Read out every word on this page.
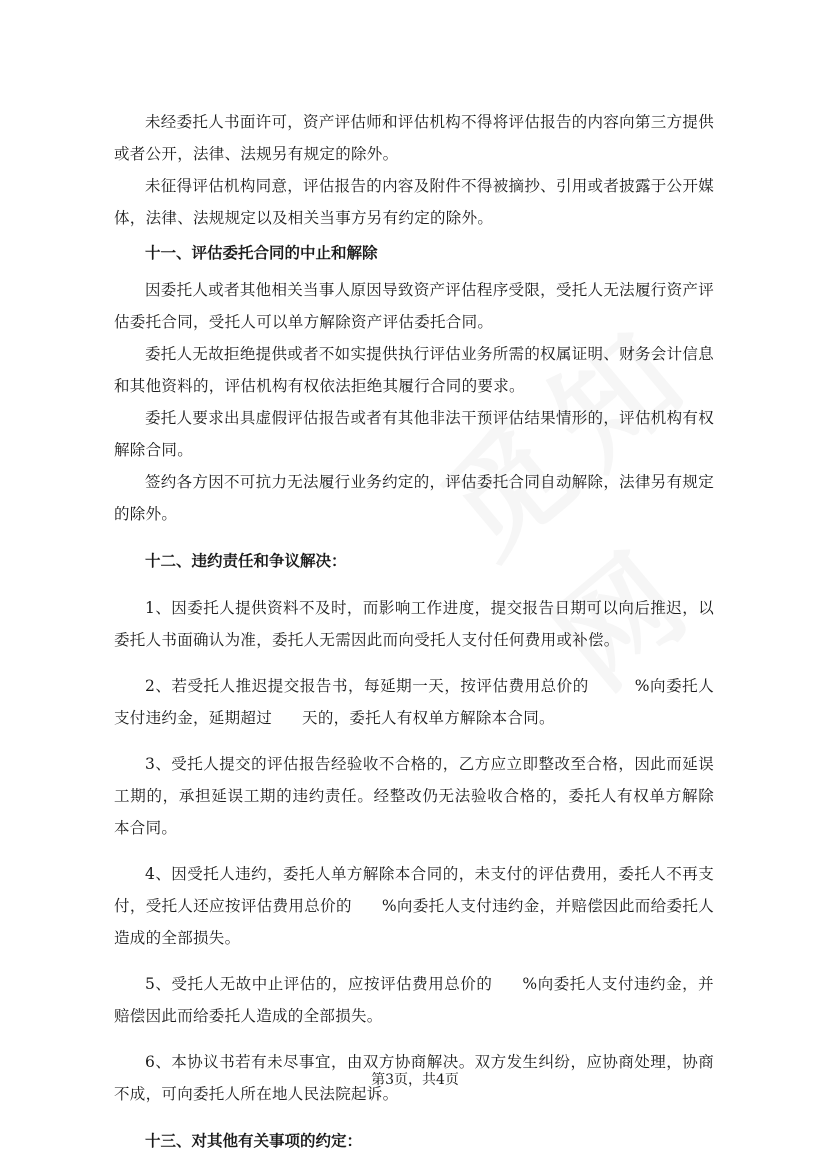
未经委托人书面许可，资产评估师和评估机构不得将评估报告的内容向第三方提供或者公开，法律、法规另有规定的除外。

未征得评估机构同意，评估报告的内容及附件不得被摘抄、引用或者披露于公开媒体，法律、法规规定以及相关当事方另有约定的除外。

十一、评估委托合同的中止和解除

因委托人或者其他相关当事人原因导致资产评估程序受限，受托人无法履行资产评估委托合同，受托人可以单方解除资产评估委托合同。

委托人无故拒绝提供或者不如实提供执行评估业务所需的权属证明、财务会计信息和其他资料的，评估机构有权依法拒绝其履行合同的要求。

委托人要求出具虚假评估报告或者有其他非法干预评估结果情形的，评估机构有权解除合同。

签约各方因不可抗力无法履行业务约定的，评估委托合同自动解除，法律另有规定的除外。

十二、违约责任和争议解决：

1、因委托人提供资料不及时，而影响工作进度，提交报告日期可以向后推迟，以委托人书面确认为准，委托人无需因此而向受托人支付任何费用或补偿。

2、若受托人推迟提交报告书，每延期一天，按评估费用总价的	%向委托人支付违约金，延期超过 天的，委托人有权单方解除本合同。

3、受托人提交的评估报告经验收不合格的，乙方应立即整改至合格，因此而延误工期的，承担延误工期的违约责任。经整改仍无法验收合格的，委托人有权单方解除本合同。

4、因受托人违约，委托人单方解除本合同的，未支付的评估费用，委托人不再支付，受托人还应按评估费用总价的 %向委托人支付违约金，并赔偿因此而给委托人造成的全部损失。

5、受托人无故中止评估的，应按评估费用总价的 %向委托人支付违约金，并赔偿因此而给委托人造成的全部损失。

6、本协议书若有未尽事宜，由双方协商解决。双方发生纠纷，应协商处理，协商不成，可向委托人所在地人民法院起诉。

十三、对其他有关事项的约定：

第3页，共4页
